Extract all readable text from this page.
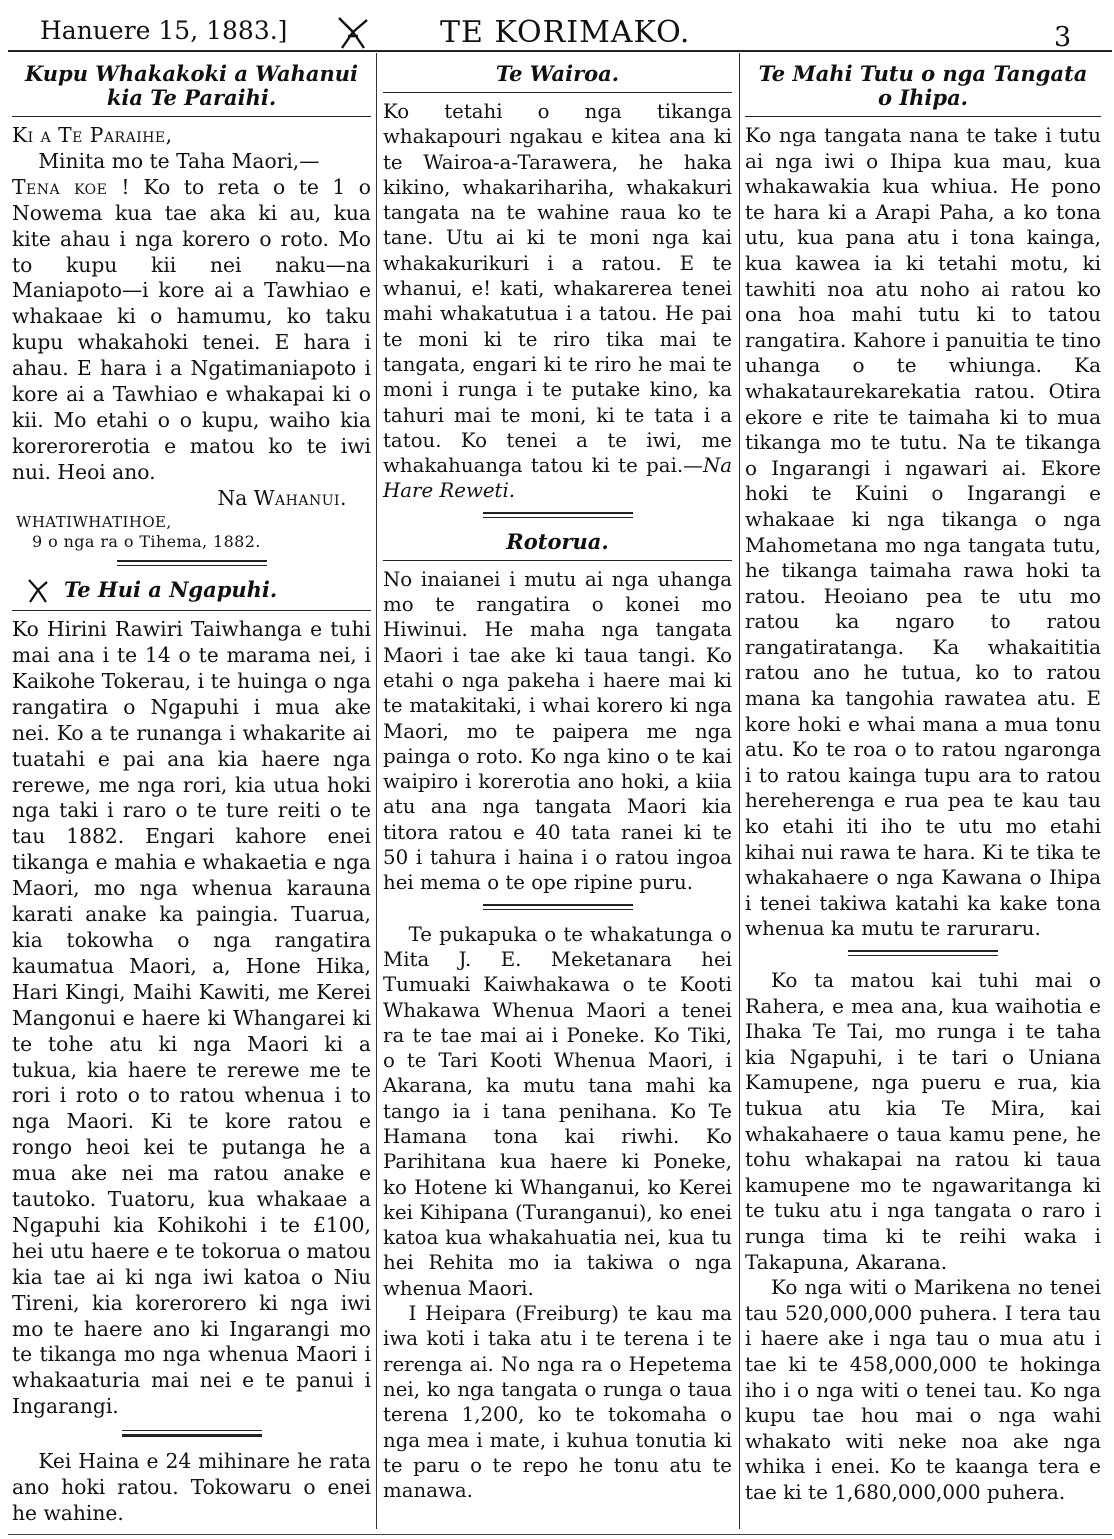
Hanuere 15, 1883.]	TE KORIMAKO.	3
Kupu Whakakoki a Wahanui kia Te Paraihi.
Ki a Te Paraihe,
Minita mo te Taha Maori,—

Tena koe ! Ko to reta o te 1 o Nowema kua tae aka ki au, kua kite ahau i nga korero o roto. Mo to kupu kii nei naku—na Maniapoto—i kore ai a Tawhiao e whakaae ki o hamumu, ko taku kupu whakahoki tenei. E hara i ahau. E hara i a Ngatimaniapoto i kore ai a Tawhiao e whakapai ki o kii. Mo etahi o o kupu, waiho kia korerorerotia e matou ko te iwi nui. Heoi ano.

Na Wahanui.
WHATIWHATIHOE,
9 o nga ra o Tihema, 1882.
Te Hui a Ngapuhi.

Ko Hirini Rawiri Taiwhanga e tuhi mai ana i te 14 o te marama nei, i Kaikohe Tokerau, i te huinga o nga rangatira o Ngapuhi i mua ake nei. Ko a te runanga i whakarite ai tuatahi e pai ana kia haere nga rerewe, me nga rori, kia utua hoki nga taki i raro o te ture reiti o te tau 1882. Engari kahore enei tikanga e mahia e whakaetia e nga Maori, mo nga whenua karauna karati anake ka paingia. Tuarua, kia tokowha o nga rangatira kaumatua Maori, a, Hone Hika, Hari Kingi, Maihi Kawiti, me Kerei Mangonui e haere ki Whangarei ki te tohe atu ki nga Maori ki a tukua, kia haere te rerewe me te rori i roto o to ratou whenua i to nga Maori. Ki te kore ratou e rongo heoi kei te putanga he a mua ake nei ma ratou anake e tautoko. Tuatoru, kua whakaae a Ngapuhi kia Kohikohi i te £100, hei utu haere e te tokorua o matou kia tae ai ki nga iwi katoa o Niu Tireni, kia korerorero ki nga iwi mo te haere ano ki Ingarangi mo te tikanga mo nga whenua Maori i whakaaturia mai nei e te panui i Ingarangi.

Kei Haina e 24 mihinare he rata ano hoki ratou. Tokowaru o enei he wahine.

Te Wairoa.

Ko tetahi o nga tikanga whakapouri ngakau e kitea ana ki te Wairoa-a-Tarawera, he haka kikino, whakarihariha, whakakuri tangata na te wahine raua ko te tane. Utu ai ki te moni nga kai whakakurikuri i a ratou. E te whanui, e! kati, whakarerea tenei mahi whakatutua i a tatou. He pai te moni ki te riro tika mai te tangata, engari ki te riro he mai te moni i runga i te putake kino, ka tahuri mai te moni, ki te tata i a tatou. Ko tenei a te iwi, me whakahuanga tatou ki te pai.—Na Hare Reweti.

Rotorua.

No inaianei i mutu ai nga uhanga mo te rangatira o konei mo Hiwinui. He maha nga tangata Maori i tae ake ki taua tangi. Ko etahi o nga pakeha i haere mai ki te matakitaki, i whai korero ki nga Maori, mo te paipera me nga painga o roto. Ko nga kino o te kai waipiro i korerotia ano hoki, a kiia atu ana nga tangata Maori kia titora ratou e 40 tata ranei ki te 50 i tahura i haina i o ratou ingoa hei mema o te ope ripine puru.

Te pukapuka o te whakatunga o Mita J. E. Meketanara hei Tumuaki Kaiwhakawa o te Kooti Whakawa Whenua Maori a tenei ra te tae mai ai i Poneke. Ko Tiki, o te Tari Kooti Whenua Maori, i Akarana, ka mutu tana mahi ka tango ia i tana penihana. Ko Te Hamana tona kai riwhi. Ko Parihitana kua haere ki Poneke, ko Hotene ki Whanganui, ko Kerei kei Kihipana (Turanganui), ko enei katoa kua whakahuatia nei, kua tu hei Rehita mo ia takiwa o nga whenua Maori.

I Heipara (Freiburg) te kau ma iwa koti i taka atu i te terena i te rerenga ai. No nga ra o Hepetema nei, ko nga tangata o runga o taua terena 1,200, ko te tokomaha o nga mea i mate, i kuhua tonutia ki te paru o te repo he tonu atu te manawa.

Te Mahi Tutu o nga Tangata o Ihipa.

Ko nga tangata nana te take i tutu ai nga iwi o Ihipa kua mau, kua whakawakia kua whiua. He pono te hara ki a Arapi Paha, a ko tona utu, kua pana atu i tona kainga, kua kawea ia ki tetahi motu, ki tawhiti noa atu noho ai ratou ko ona hoa mahi tutu ki to tatou rangatira. Kahore i panuitia te tino uhanga o te whiunga. Ka whakataurekarekatia ratou. Otira ekore e rite te taimaha ki to mua tikanga mo te tutu. Na te tikanga o Ingarangi i ngawari ai. Ekore hoki te Kuini o Ingarangi e whakaae ki nga tikanga o nga Mahometana mo nga tangata tutu, he tikanga taimaha rawa hoki ta ratou. Heoiano pea te utu mo ratou ka ngaro to ratou rangatiratanga. Ka whakaititia ratou ano he tutua, ko to ratou mana ka tangohia rawatea atu. E kore hoki e whai mana a mua tonu atu. Ko te roa o to ratou ngaronga i to ratou kainga tupu ara to ratou hereherenga e rua pea te kau tau ko etahi iti iho te utu mo etahi kihai nui rawa te hara. Ki te tika te whakahaere o nga Kawana o Ihipa i tenei takiwa katahi ka kake tona whenua ka mutu te raruraru.

Ko ta matou kai tuhi mai o Rahera, e mea ana, kua waihotia e Ihaka Te Tai, mo runga i te taha kia Ngapuhi, i te tari o Uniana Kamupene, nga pueru e rua, kia tukua atu kia Te Mira, kai whakahaere o taua kamu pene, he tohu whakapai na ratou ki taua kamupene mo te ngawaritanga ki te tuku atu i nga tangata o raro i runga tima ki te reihi waka i Takapuna, Akarana.

Ko nga witi o Marikena no tenei tau 520,000,000 puhera. I tera tau i haere ake i nga tau o mua atu i tae ki te 458,000,000 te hokinga iho i o nga witi o tenei tau. Ko nga kupu tae hou mai o nga wahi whakato witi neke noa ake nga whika i enei. Ko te kaanga tera e tae ki te 1,680,000,000 puhera.
